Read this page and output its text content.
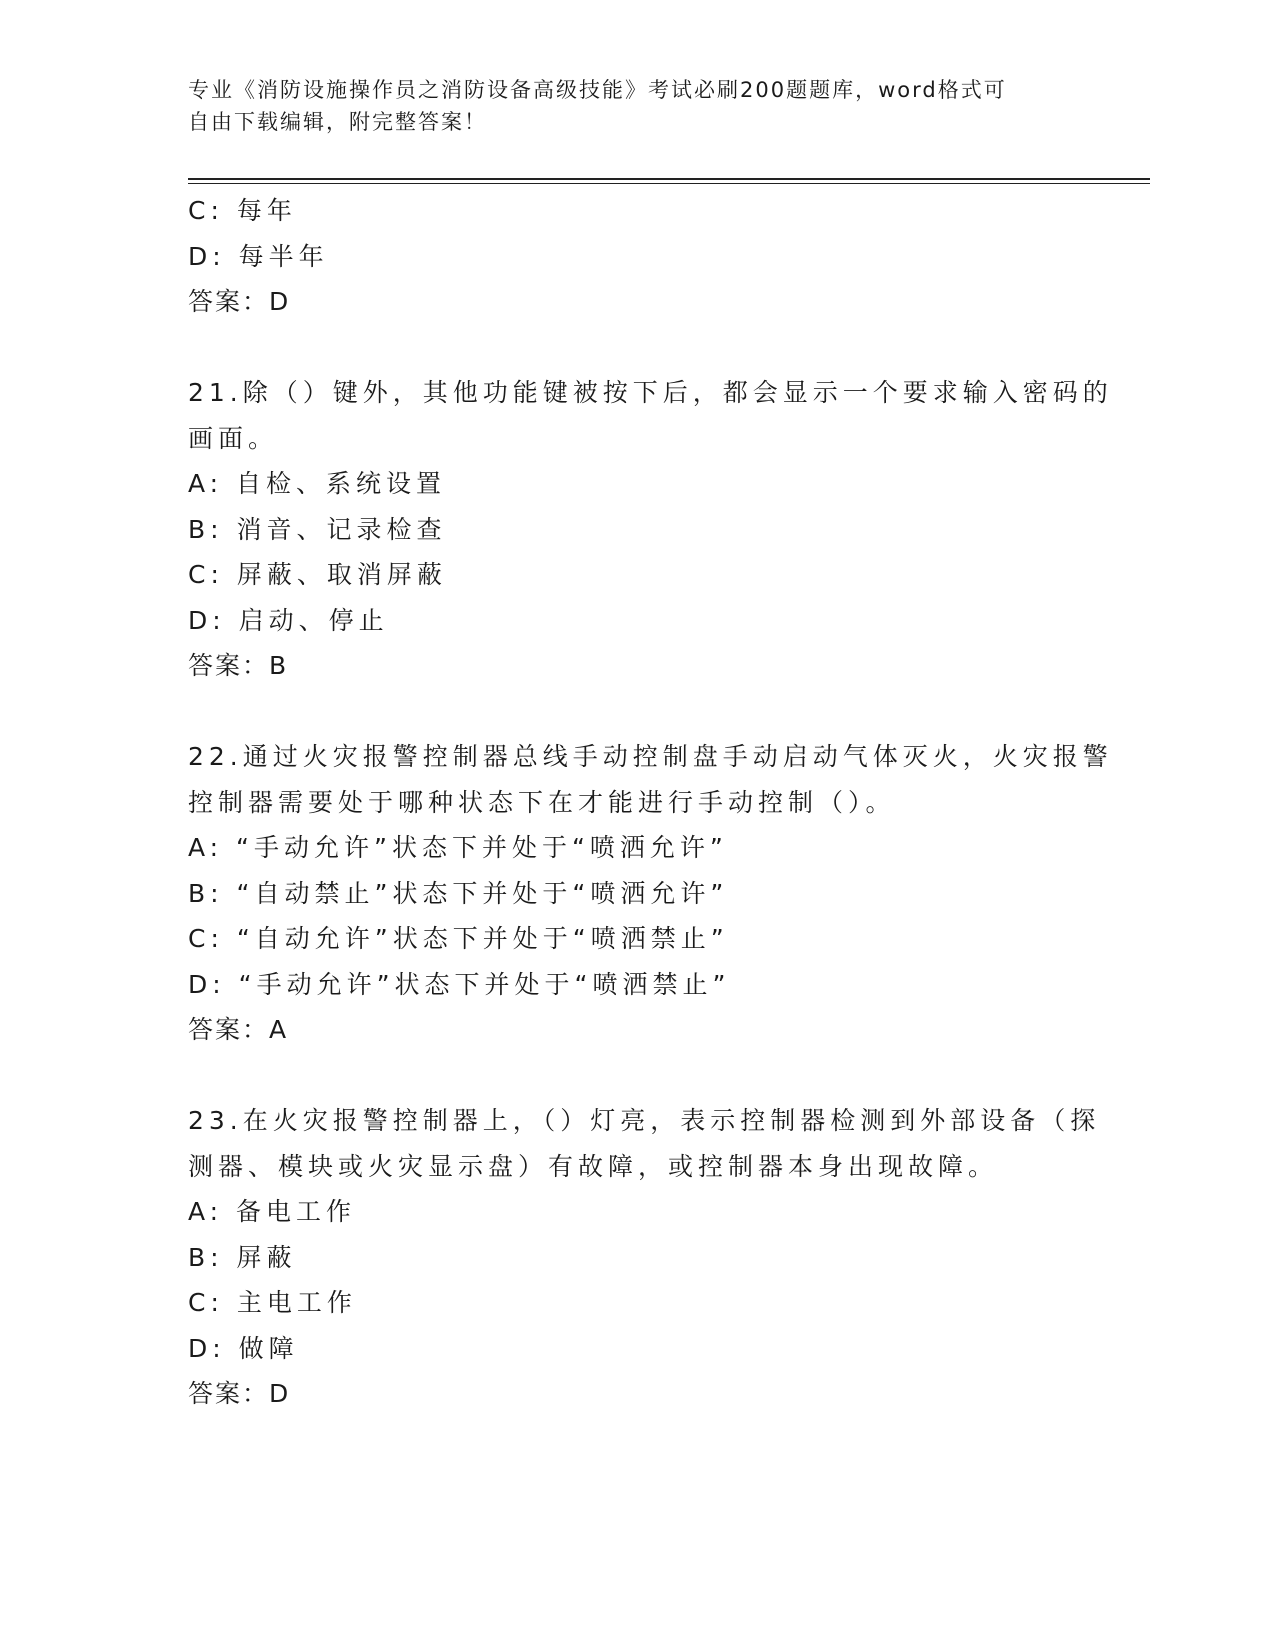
专业《消防设施操作员之消防设备高级技能》考试必刷200题题库，word格式可
自由下载编辑，附完整答案！
C: 每年
D: 每半年
答案：D
21.除（）键外，其他功能键被按下后，都会显示一个要求输入密码的
画面。
A: 自检、系统设置
B: 消音、记录检查
C: 屏蔽、取消屏蔽
D: 启动、停止
答案：B
22.通过火灾报警控制器总线手动控制盘手动启动气体灭火，火灾报警
控制器需要处于哪种状态下在才能进行手动控制（）。
A: “手动允许”状态下并处于“喷洒允许”
B: “自动禁止”状态下并处于“喷洒允许”
C: “自动允许”状态下并处于“喷洒禁止”
D: “手动允许”状态下并处于“喷洒禁止”
答案：A
23.在火灾报警控制器上，（）灯亮，表示控制器检测到外部设备（探
测器、模块或火灾显示盘）有故障，或控制器本身出现故障。
A: 备电工作
B: 屏蔽
C: 主电工作
D: 做障
答案：D
